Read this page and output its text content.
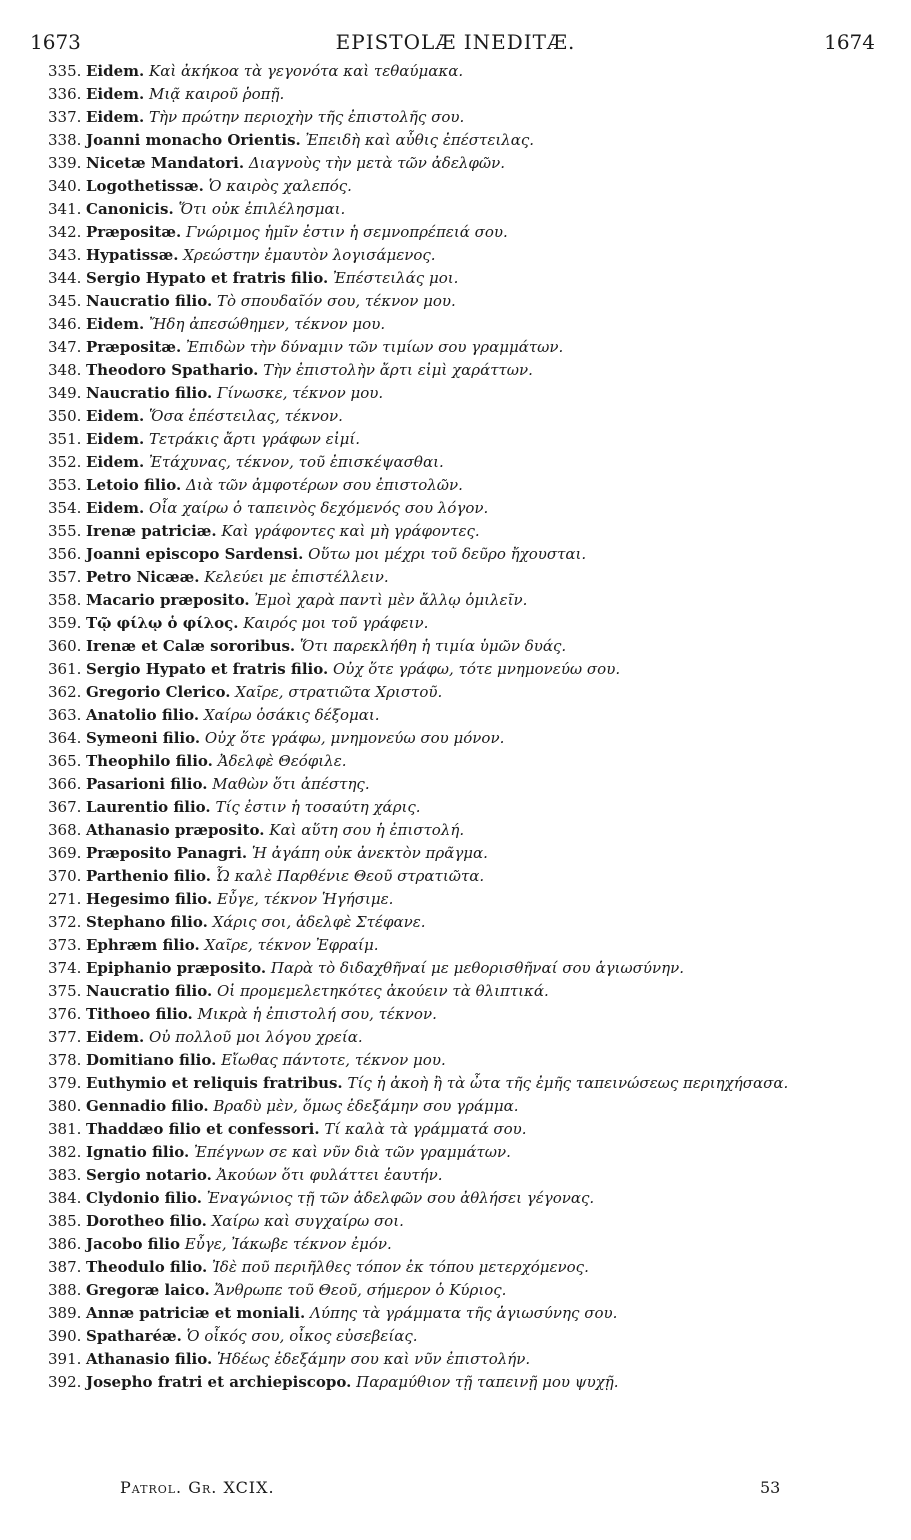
1673	EPISTOLÆ INEDITÆ.	1674
335. Eidem. Καὶ ἀκήκοα τὰ γεγονότα καὶ τεθαύμακα.
336. Eidem. Μιᾷ καιροῦ ῥοπῇ.
337. Eidem. Τὴν πρώτην περιοχὴν τῆς ἐπιστολῆς σου.
338. Joanni monacho Orientis. Ἐπειδὴ καὶ αὖθις ἐπέστειλας.
339. Nicetæ Mandatori. Διαγνοὺς τὴν μετὰ τῶν ἀδελφῶν.
340. Logothetissæ. Ὁ καιρὸς χαλεπός.
341. Canonicis. Ὅτι οὐκ ἐπιλέλησμαι.
342. Præpositæ. Γνώριμος ἡμῖν ἐστιν ἡ σεμνοπρέπειά σου.
343. Hypatissæ. Χρεώστην ἐμαυτὸν λογισάμενος.
344. Sergio Hypato et fratris filio. Ἐπέστειλάς μοι.
345. Naucratio filio. Τὸ σπουδαῖόν σου, τέκνον μου.
346. Eidem. Ἤδη ἀπεσώθημεν, τέκνον μου.
347. Præpositæ. Ἐπιδὼν τὴν δύναμιν τῶν τιμίων σου γραμμάτων.
348. Theodoro Spathario. Τὴν ἐπιστολὴν ἄρτι εἰμὶ χαράττων.
349. Naucratio filio. Γίνωσκε, τέκνον μου.
350. Eidem. Ὅσα ἐπέστειλας, τέκνον.
351. Eidem. Τετράκις ἄρτι γράφων εἰμί.
352. Eidem. Ἐτάχυνας, τέκνον, τοῦ ἐπισκέψασθαι.
353. Letoio filio. Διὰ τῶν ἀμφοτέρων σου ἐπιστολῶν.
354. Eidem. Οἷα χαίρω ὁ ταπεινὸς δεχόμενός σου λόγον.
355. Irenæ patriciæ. Καὶ γράφοντες καὶ μὴ γράφοντες.
356. Joanni episcopo Sardensi. Οὕτω μοι μέχρι τοῦ δεῦρο ἤχουσται.
357. Petro Nicææ. Κελεύει με ἐπιστέλλειν.
358. Macario præposito. Ἐμοὶ χαρὰ παντὶ μὲν ἄλλῳ ὁμιλεῖν.
359. Τῷ φίλῳ ὁ φίλος. Καιρός μοι τοῦ γράφειν.
360. Irenæ et Calæ sororibus. Ὅτι παρεκλήθη ἡ τιμία ὑμῶν δυάς.
361. Sergio Hypato et fratris filio. Οὐχ ὅτε γράφω, τότε μνημονεύω σου.
362. Gregorio Clerico. Χαῖρε, στρατιῶτα Χριστοῦ.
363. Anatolio filio. Χαίρω ὁσάκις δέξομαι.
364. Symeoni filio. Οὐχ ὅτε γράφω, μνημονεύω σου μόνον.
365. Theophilo filio. Ἀδελφὲ Θεόφιλε.
366. Pasarioni filio. Μαθὼν ὅτι ἀπέστης.
367. Laurentio filio. Τίς ἐστιν ἡ τοσαύτη χάρις.
368. Athanasio præposito. Καὶ αὕτη σου ἡ ἐπιστολή.
369. Præposito Panagri. Ἡ ἀγάπη οὐκ ἀνεκτὸν πρᾶγμα.
370. Parthenio filio. Ὦ καλὲ Παρθένιε Θεοῦ στρατιῶτα.
271. Hegesimo filio. Εὖγε, τέκνον Ἡγήσιμε.
372. Stephano filio. Χάρις σοι, ἀδελφὲ Στέφανε.
373. Ephræm filio. Χαῖρε, τέκνον Ἐφραίμ.
374. Epiphanio præposito. Παρὰ τὸ διδαχθῆναί με μεθορισθῆναί σου ἁγιωσύνην.
375. Naucratio filio. Οἱ προμεμελετηκότες ἀκούειν τὰ θλιπτικά.
376. Tithoeo filio. Μικρὰ ἡ ἐπιστολή σου, τέκνον.
377. Eidem. Οὐ πολλοῦ μοι λόγου χρεία.
378. Domitiano filio. Εἴωθας πάντοτε, τέκνον μου.
379. Euthymio et reliquis fratribus. Τίς ἡ ἀκοὴ ἢ τὰ ὦτα τῆς ἐμῆς ταπεινώσεως περιηχήσασα.
380. Gennadio filio. Βραδὺ μὲν, ὅμως ἐδεξάμην σου γράμμα.
381. Thaddæo filio et confessori. Τί καλὰ τὰ γράμματά σου.
382. Ignatio filio. Ἐπέγνων σε καὶ νῦν διὰ τῶν γραμμάτων.
383. Sergio notario. Ἀκούων ὅτι φυλάττει ἑαυτήν.
384. Clydonio filio. Ἐναγώνιος τῇ τῶν ἀδελφῶν σου ἀθλήσει γέγονας.
385. Dorotheo filio. Χαίρω καὶ συγχαίρω σοι.
386. Jacobo filio Εὖγε, Ἰάκωβε τέκνον ἐμόν.
387. Theodulo filio. Ἰδὲ ποῦ περιῆλθες τόπον ἐκ τόπου μετερχόμενος.
388. Gregoræ laico. Ἄνθρωπε τοῦ Θεοῦ, σήμερον ὁ Κύριος.
389. Annæ patriciæ et moniali. Λύπης τὰ γράμματα τῆς ἁγιωσύνης σου.
390. Spatharéæ. Ὁ οἶκός σου, οἶκος εὐσεβείας.
391. Athanasio filio. Ἡδέως ἐδεξάμην σου καὶ νῦν ἐπιστολήν.
392. Josepho fratri et archiepiscopo. Παραμύθιον τῇ ταπεινῇ μου ψυχῇ.
Patrol. Gr. XCIX.	53
